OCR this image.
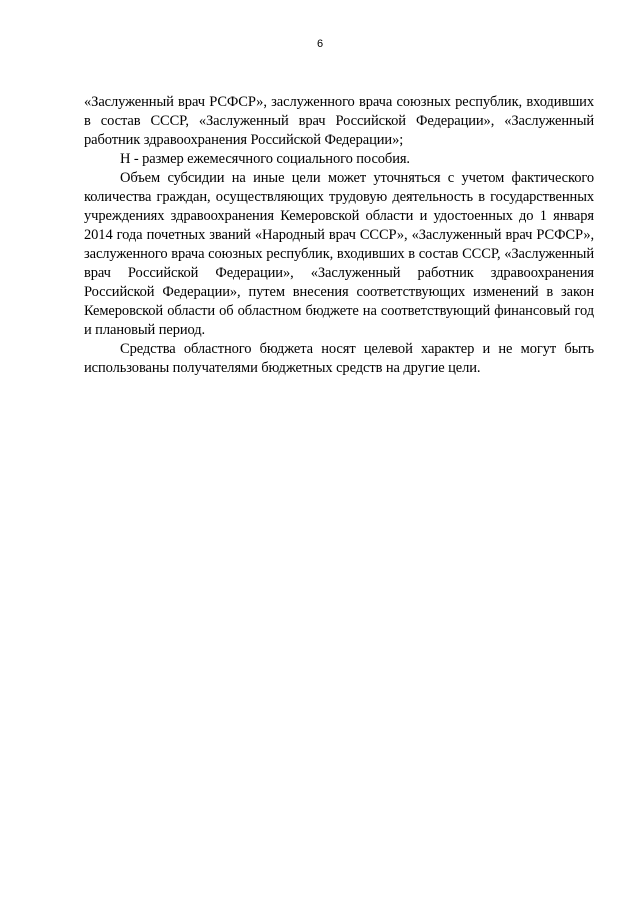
6

«Заслуженный врач РСФСР», заслуженного врача союзных республик, входивших в состав СССР, «Заслуженный врач Российской Федерации», «Заслуженный работник здравоохранения Российской Федерации»;

Н - размер ежемесячного социального пособия.

Объем субсидии на иные цели может уточняться с учетом фактического количества граждан, осуществляющих трудовую деятельность в государственных учреждениях здравоохранения Кемеровской области и удостоенных до 1 января 2014 года почетных званий «Народный врач СССР», «Заслуженный врач РСФСР», заслуженного врача союзных республик, входивших в состав СССР, «Заслуженный врач Российской Федерации», «Заслуженный работник здравоохранения Российской Федерации», путем внесения соответствующих изменений в закон Кемеровской области об областном бюджете на соответствующий финансовый год и плановый период.

Средства областного бюджета носят целевой характер и не могут быть использованы получателями бюджетных средств на другие цели.
